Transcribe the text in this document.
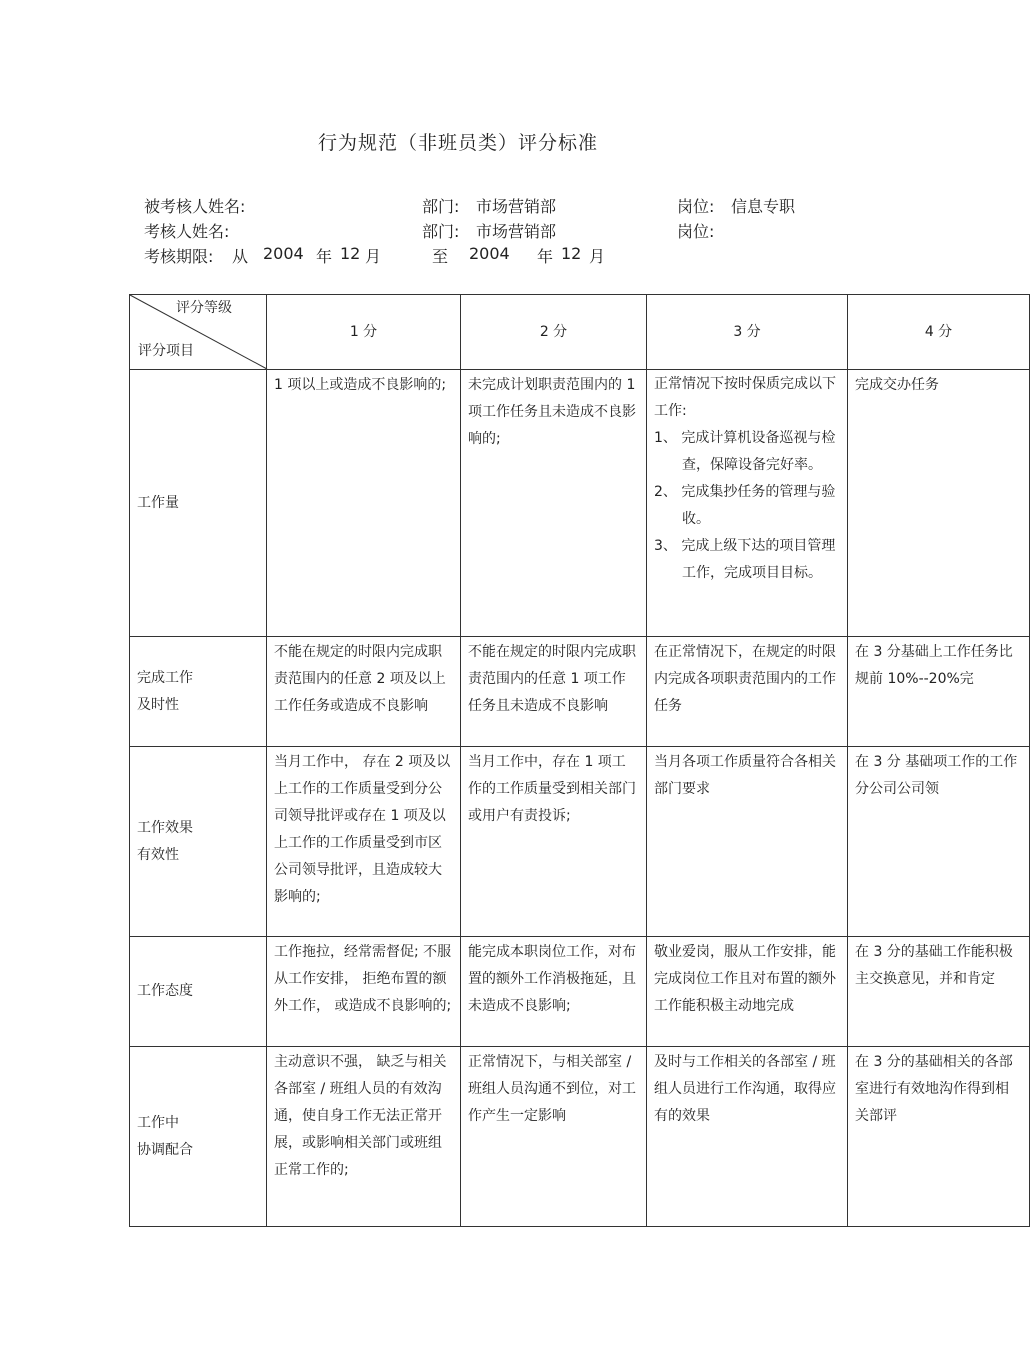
行为规范（非班员类）评分标准
被考核人姓名:	部门: 市场营销部	岗位: 信息专职
考核人姓名:	部门: 市场营销部	岗位:
考核期限: 从 2004 年 12 月	至 2004 年 12 月
评分等级
评分项目	1 分	2 分	3 分	4 分

工作量	1 项以上或造成不良影响的;	未完成计划职责范围内的 1 项工作任务且未造成不良影响的;	正常情况下按时保质完成以下工作:
1、 完成计算机设备巡视与检查，保障设备完好率。
2、 完成集抄任务的管理与验收。
3、 完成上级下达的项目管理工作，完成项目目标。	完成交办任务

完成工作
及时性	不能在规定的时限内完成职责范围内的任意 2 项及以上工作任务或造成不良影响	不能在规定的时限内完成职责范围内的任意 1 项工作任务且未造成不良影响	在正常情况下，在规定的时限内完成各项职责范围内的工作任务	在 3 分基础上工作任务比规前 10%--20%完

工作效果
有效性	当月工作中， 存在 2 项及以上工作的工作质量受到分公司领导批评或存在 1 项及以上工作的工作质量受到市区公司领导批评，且造成较大影响的;	当月工作中，存在 1 项工作的工作质量受到相关部门或用户有责投诉;	当月各项工作质量符合各相关部门要求	在 3 分 基础项工作的工作分公司公司领

工作态度	工作拖拉，经常需督促; 不服从工作安排， 拒绝布置的额外工作， 或造成不良影响的;	能完成本职岗位工作，对布置的额外工作消极拖延，且未造成不良影响;	敬业爱岗，服从工作安排，能完成岗位工作且对布置的额外工作能积极主动地完成	在 3 分的基础工作能积极主交换意见，并和肯定

工作中
协调配合	主动意识不强， 缺乏与相关各部室 / 班组人员的有效沟通，使自身工作无法正常开展，或影响相关部门或班组正常工作的;	正常情况下，与相关部室 / 班组人员沟通不到位，对工作产生一定影响	及时与工作相关的各部室 / 班组人员进行工作沟通，取得应有的效果	在 3 分的基础相关的各部室进行有效地沟作得到相关部评
